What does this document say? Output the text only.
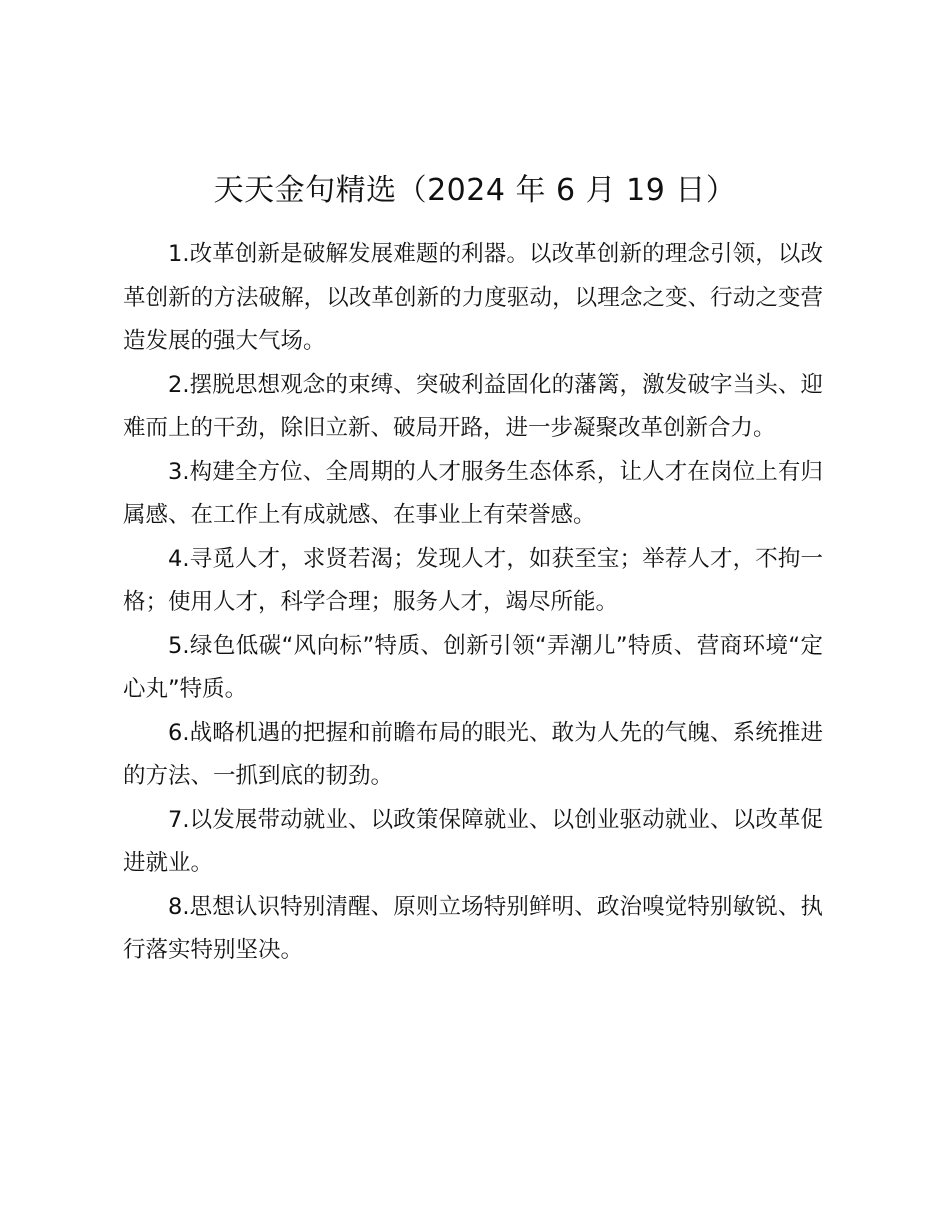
天天金句精选（2024 年 6 月 19 日）

1.改革创新是破解发展难题的利器。以改革创新的理念引领，以改革创新的方法破解，以改革创新的力度驱动，以理念之变、行动之变营造发展的强大气场。

2.摆脱思想观念的束缚、突破利益固化的藩篱，激发破字当头、迎难而上的干劲，除旧立新、破局开路，进一步凝聚改革创新合力。

3.构建全方位、全周期的人才服务生态体系，让人才在岗位上有归属感、在工作上有成就感、在事业上有荣誉感。

4.寻觅人才，求贤若渴；发现人才，如获至宝；举荐人才，不拘一格；使用人才，科学合理；服务人才，竭尽所能。

5.绿色低碳“风向标”特质、创新引领“弄潮儿”特质、营商环境“定心丸”特质。

6.战略机遇的把握和前瞻布局的眼光、敢为人先的气魄、系统推进的方法、一抓到底的韧劲。

7.以发展带动就业、以政策保障就业、以创业驱动就业、以改革促进就业。

8.思想认识特别清醒、原则立场特别鲜明、政治嗅觉特别敏锐、执行落实特别坚决。
